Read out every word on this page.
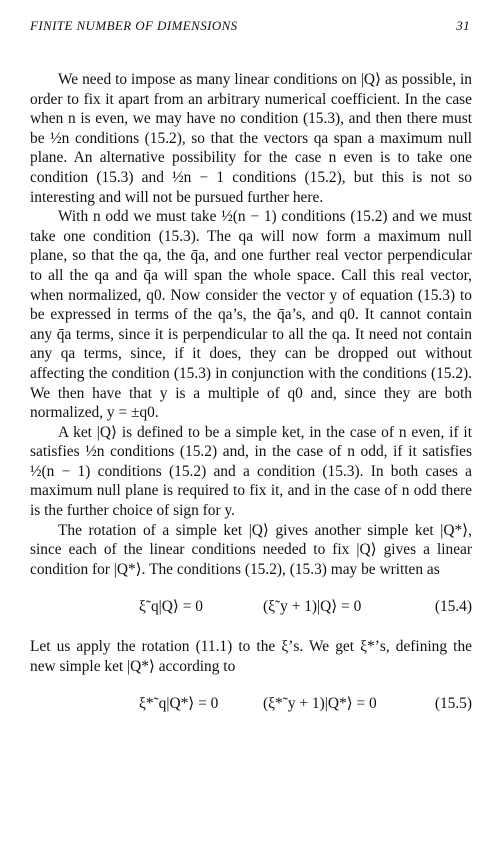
FINITE NUMBER OF DIMENSIONS	31

We need to impose as many linear conditions on |Q⟩ as possible, in order to fix it apart from an arbitrary numerical coefficient. In the case when n is even, we may have no condition (15.3), and then there must be ½n conditions (15.2), so that the vectors qa span a maximum null plane. An alternative possibility for the case n even is to take one condition (15.3) and ½n − 1 conditions (15.2), but this is not so interesting and will not be pursued further here.

With n odd we must take ½(n − 1) conditions (15.2) and we must take one condition (15.3). The qa will now form a maximum null plane, so that the qa, the q̄a, and one further real vector perpendicular to all the qa and q̄a will span the whole space. Call this real vector, when normalized, q0. Now consider the vector y of equation (15.3) to be expressed in terms of the qa’s, the q̄a’s, and q0. It cannot contain any q̄a terms, since it is perpendicular to all the qa. It need not contain any qa terms, since, if it does, they can be dropped out without affecting the condition (15.3) in conjunction with the conditions (15.2). We then have that y is a multiple of q0 and, since they are both normalized, y = ±q0.

A ket |Q⟩ is defined to be a simple ket, in the case of n even, if it satisfies ½n conditions (15.2) and, in the case of n odd, if it satisfies ½(n − 1) conditions (15.2) and a condition (15.3). In both cases a maximum null plane is required to fix it, and in the case of n odd there is the further choice of sign for y.

The rotation of a simple ket |Q⟩ gives another simple ket |Q*⟩, since each of the linear conditions needed to fix |Q⟩ gives a linear condition for |Q*⟩. The conditions (15.2), (15.3) may be written as

ξ˜q|Q⟩ = 0	(ξ˜y + 1)|Q⟩ = 0	(15.4)

Let us apply the rotation (11.1) to the ξ’s. We get ξ*’s, defining the new simple ket |Q*⟩ according to

ξ*˜q|Q*⟩ = 0	(ξ*˜y + 1)|Q*⟩ = 0	(15.5)
